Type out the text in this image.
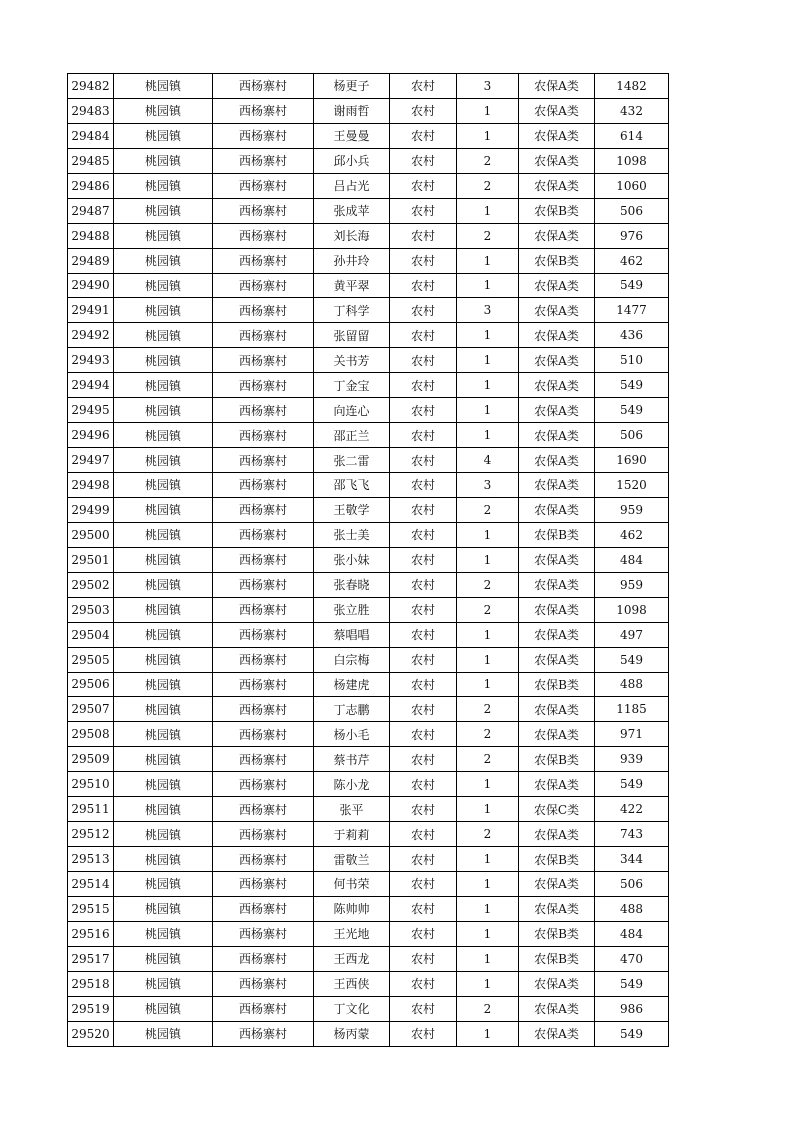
29482	桃园镇	西杨寨村	杨更子	农村	3	农保A类	1482
29483	桃园镇	西杨寨村	谢雨哲	农村	1	农保A类	432
29484	桃园镇	西杨寨村	王曼曼	农村	1	农保A类	614
29485	桃园镇	西杨寨村	邱小兵	农村	2	农保A类	1098
29486	桃园镇	西杨寨村	吕占光	农村	2	农保A类	1060
29487	桃园镇	西杨寨村	张成苹	农村	1	农保B类	506
29488	桃园镇	西杨寨村	刘长海	农村	2	农保A类	976
29489	桃园镇	西杨寨村	孙井玲	农村	1	农保B类	462
29490	桃园镇	西杨寨村	黄平翠	农村	1	农保A类	549
29491	桃园镇	西杨寨村	丁科学	农村	3	农保A类	1477
29492	桃园镇	西杨寨村	张留留	农村	1	农保A类	436
29493	桃园镇	西杨寨村	关书芳	农村	1	农保A类	510
29494	桃园镇	西杨寨村	丁金宝	农村	1	农保A类	549
29495	桃园镇	西杨寨村	向连心	农村	1	农保A类	549
29496	桃园镇	西杨寨村	邵正兰	农村	1	农保A类	506
29497	桃园镇	西杨寨村	张二雷	农村	4	农保A类	1690
29498	桃园镇	西杨寨村	邵飞飞	农村	3	农保A类	1520
29499	桃园镇	西杨寨村	王敬学	农村	2	农保A类	959
29500	桃园镇	西杨寨村	张士美	农村	1	农保B类	462
29501	桃园镇	西杨寨村	张小妹	农村	1	农保A类	484
29502	桃园镇	西杨寨村	张春晓	农村	2	农保A类	959
29503	桃园镇	西杨寨村	张立胜	农村	2	农保A类	1098
29504	桃园镇	西杨寨村	蔡唱唱	农村	1	农保A类	497
29505	桃园镇	西杨寨村	白宗梅	农村	1	农保A类	549
29506	桃园镇	西杨寨村	杨建虎	农村	1	农保B类	488
29507	桃园镇	西杨寨村	丁志鹏	农村	2	农保A类	1185
29508	桃园镇	西杨寨村	杨小毛	农村	2	农保A类	971
29509	桃园镇	西杨寨村	蔡书芹	农村	2	农保B类	939
29510	桃园镇	西杨寨村	陈小龙	农村	1	农保A类	549
29511	桃园镇	西杨寨村	张平	农村	1	农保C类	422
29512	桃园镇	西杨寨村	于莉莉	农村	2	农保A类	743
29513	桃园镇	西杨寨村	雷敬兰	农村	1	农保B类	344
29514	桃园镇	西杨寨村	何书荣	农村	1	农保A类	506
29515	桃园镇	西杨寨村	陈帅帅	农村	1	农保A类	488
29516	桃园镇	西杨寨村	王光地	农村	1	农保B类	484
29517	桃园镇	西杨寨村	王西龙	农村	1	农保B类	470
29518	桃园镇	西杨寨村	王西侠	农村	1	农保A类	549
29519	桃园镇	西杨寨村	丁文化	农村	2	农保A类	986
29520	桃园镇	西杨寨村	杨丙蒙	农村	1	农保A类	549
